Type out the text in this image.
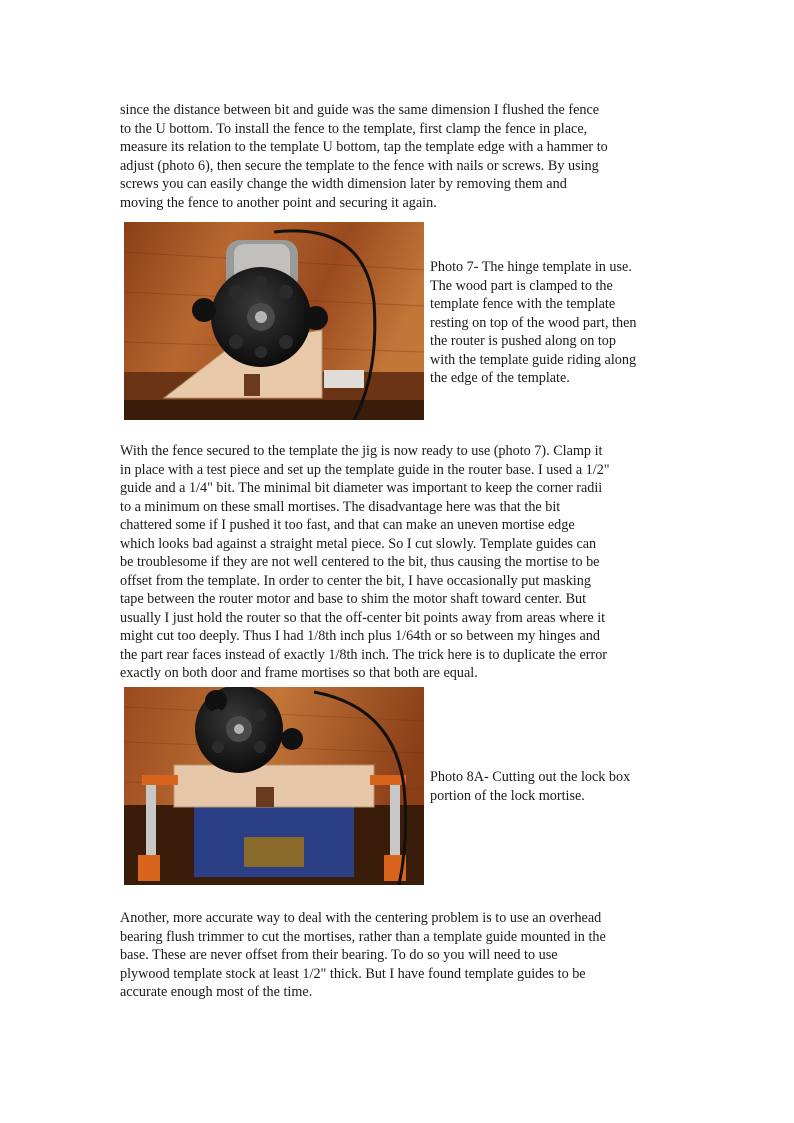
since the distance between bit and guide was the same dimension I flushed the fence
to the U bottom. To install the fence to the template, first clamp the fence in place,
measure its relation to the template U bottom, tap the template edge with a hammer to
adjust (photo 6), then secure the template to the fence with nails or screws. By using
screws you can easily change the width dimension later by removing them and
moving the fence to another point and securing it again.

Photo 7- The hinge template in use.
The wood part is clamped to the
template fence with the template
resting on top of the wood part, then
the router is pushed along on top
with the template guide riding along
the edge of the template.

With the fence secured to the template the jig is now ready to use (photo 7). Clamp it
in place with a test piece and set up the template guide in the router base. I used a 1/2"
guide and a 1/4" bit. The minimal bit diameter was important to keep the corner radii
to a minimum on these small mortises. The disadvantage here was that the bit
chattered some if I pushed it too fast, and that can make an uneven mortise edge
which looks bad against a straight metal piece. So I cut slowly. Template guides can
be troublesome if they are not well centered to the bit, thus causing the mortise to be
offset from the template. In order to center the bit, I have occasionally put masking
tape between the router motor and base to shim the motor shaft toward center. But
usually I just hold the router so that the off-center bit points away from areas where it
might cut too deeply. Thus I had 1/8th inch plus 1/64th or so between my hinges and
the part rear faces instead of exactly 1/8th inch. The trick here is to duplicate the error
exactly on both door and frame mortises so that both are equal.

Photo 8A- Cutting out the lock box
portion of the lock mortise.

Another, more accurate way to deal with the centering problem is to use an overhead
bearing flush trimmer to cut the mortises, rather than a template guide mounted in the
base. These are never offset from their bearing. To do so you will need to use
plywood template stock at least 1/2" thick. But I have found template guides to be
accurate enough most of the time.
